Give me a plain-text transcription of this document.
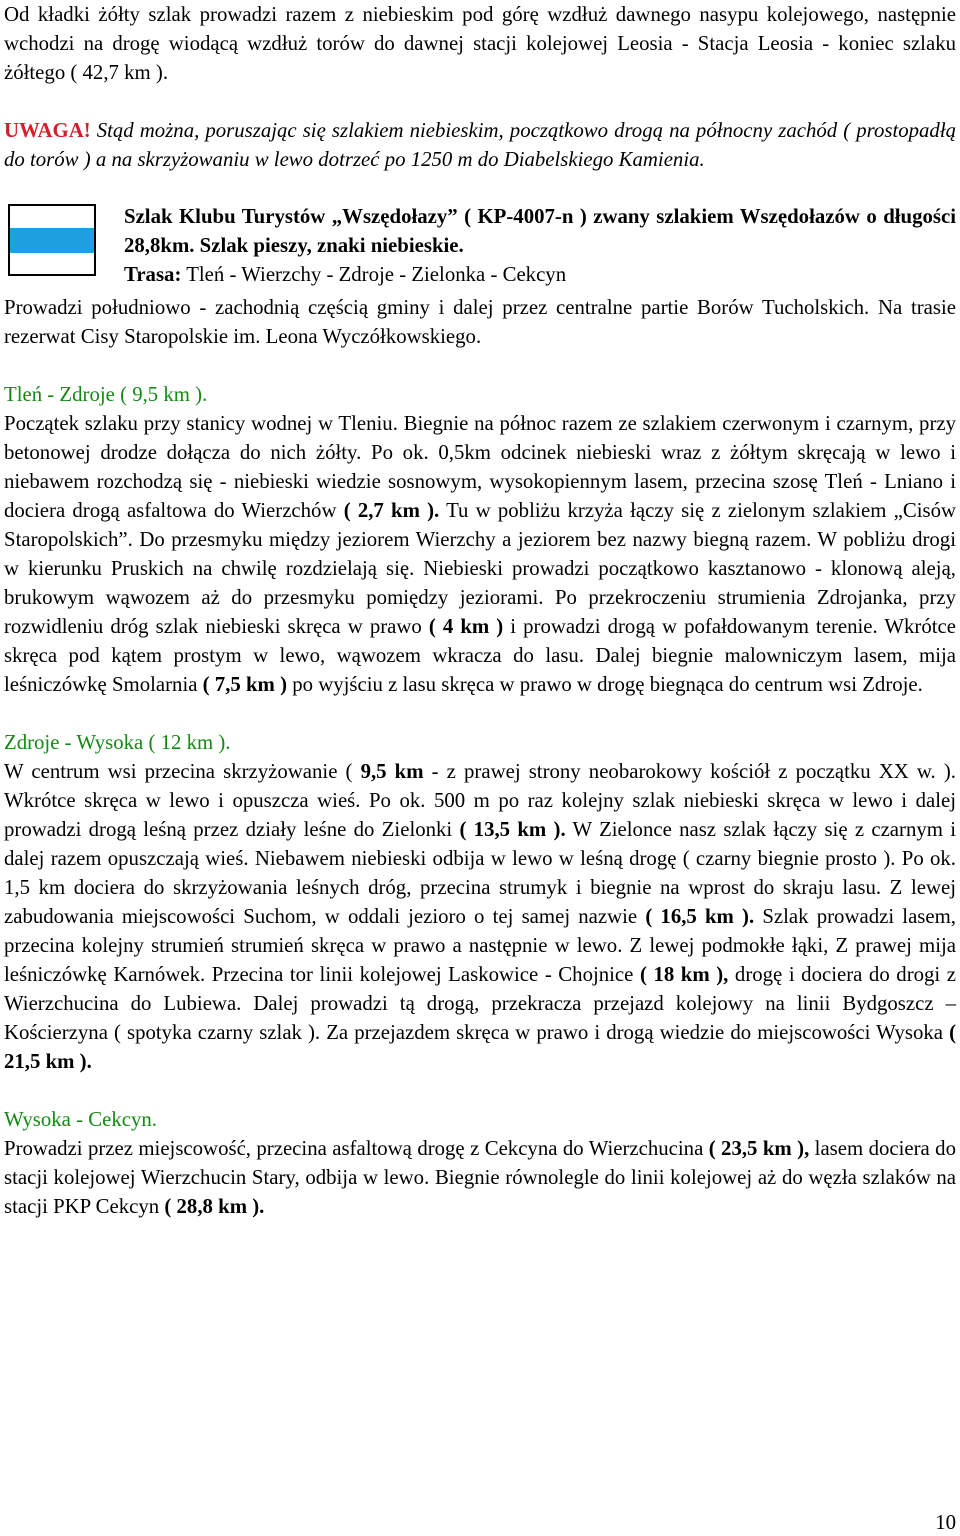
Od kładki żółty szlak prowadzi razem z niebieskim pod górę wzdłuż dawnego nasypu kolejowego, następnie wchodzi na drogę wiodącą wzdłuż torów do dawnej stacji kolejowej Leosia - Stacja Leosia - koniec szlaku żółtego ( 42,7 km ).

UWAGA! Stąd można, poruszając się szlakiem niebieskim, początkowo drogą na północny zachód ( prostopadłą do torów ) a na skrzyżowaniu w lewo dotrzeć po 1250 m do Diabelskiego Kamienia.

Szlak Klubu Turystów „Wszędołazy” ( KP-4007-n ) zwany szlakiem Wszędołazów o długości 28,8km. Szlak pieszy, znaki niebieskie.

Trasa: Tleń - Wierzchy - Zdroje - Zielonka - Cekcyn

Prowadzi południowo - zachodnią częścią gminy i dalej przez centralne partie Borów Tucholskich. Na trasie rezerwat Cisy Staropolskie im. Leona Wyczółkowskiego.

Tleń - Zdroje ( 9,5 km ).

Początek szlaku przy stanicy wodnej w Tleniu. Biegnie na północ razem ze szlakiem czerwonym i czarnym, przy betonowej drodze dołącza do nich żółty. Po ok. 0,5km odcinek niebieski wraz z żółtym skręcają w lewo i niebawem rozchodzą się - niebieski wiedzie sosnowym, wysokopiennym lasem, przecina szosę Tleń - Lniano i dociera drogą asfaltowa do Wierzchów ( 2,7 km ). Tu w pobliżu krzyża łączy się z zielonym szlakiem „Cisów Staropolskich”. Do przesmyku między jeziorem Wierzchy a jeziorem bez nazwy biegną razem. W pobliżu drogi w kierunku Pruskich na chwilę rozdzielają się. Niebieski prowadzi początkowo kasztanowo - klonową aleją, brukowym wąwozem aż do przesmyku pomiędzy jeziorami. Po przekroczeniu strumienia Zdrojanka, przy rozwidleniu dróg szlak niebieski skręca w prawo ( 4 km ) i prowadzi drogą w pofałdowanym terenie. Wkrótce skręca pod kątem prostym w lewo, wąwozem wkracza do lasu. Dalej biegnie malowniczym lasem, mija leśniczówkę Smolarnia ( 7,5 km ) po wyjściu z lasu skręca w prawo w drogę biegnąca do centrum wsi Zdroje.

Zdroje - Wysoka ( 12 km ).

W centrum wsi przecina skrzyżowanie ( 9,5 km - z prawej strony neobarokowy kościół z początku XX w. ). Wkrótce skręca w lewo i opuszcza wieś. Po ok. 500 m po raz kolejny szlak niebieski skręca w lewo i dalej prowadzi drogą leśną przez działy leśne do Zielonki ( 13,5 km ). W Zielonce nasz szlak łączy się z czarnym i dalej razem opuszczają wieś. Niebawem niebieski odbija w lewo w leśną drogę ( czarny biegnie prosto ). Po ok. 1,5 km dociera do skrzyżowania leśnych dróg, przecina strumyk i biegnie na wprost do skraju lasu. Z lewej zabudowania miejscowości Suchom, w oddali jezioro o tej samej nazwie ( 16,5 km ). Szlak prowadzi lasem, przecina kolejny strumień strumień skręca w prawo a następnie w lewo. Z lewej podmokłe łąki, Z prawej mija leśniczówkę Karnówek. Przecina tor linii kolejowej Laskowice - Chojnice ( 18 km ), drogę i dociera do drogi z Wierzchucina do Lubiewa. Dalej prowadzi tą drogą, przekracza przejazd kolejowy na linii Bydgoszcz – Kościerzyna ( spotyka czarny szlak ). Za przejazdem skręca w prawo i drogą wiedzie do miejscowości Wysoka ( 21,5 km ).

Wysoka - Cekcyn.

Prowadzi przez miejscowość, przecina asfaltową drogę z Cekcyna do Wierzchucina ( 23,5 km ), lasem dociera do stacji kolejowej Wierzchucin Stary, odbija w lewo. Biegnie równolegle do linii kolejowej aż do węzła szlaków na stacji PKP Cekcyn ( 28,8 km ).

10
